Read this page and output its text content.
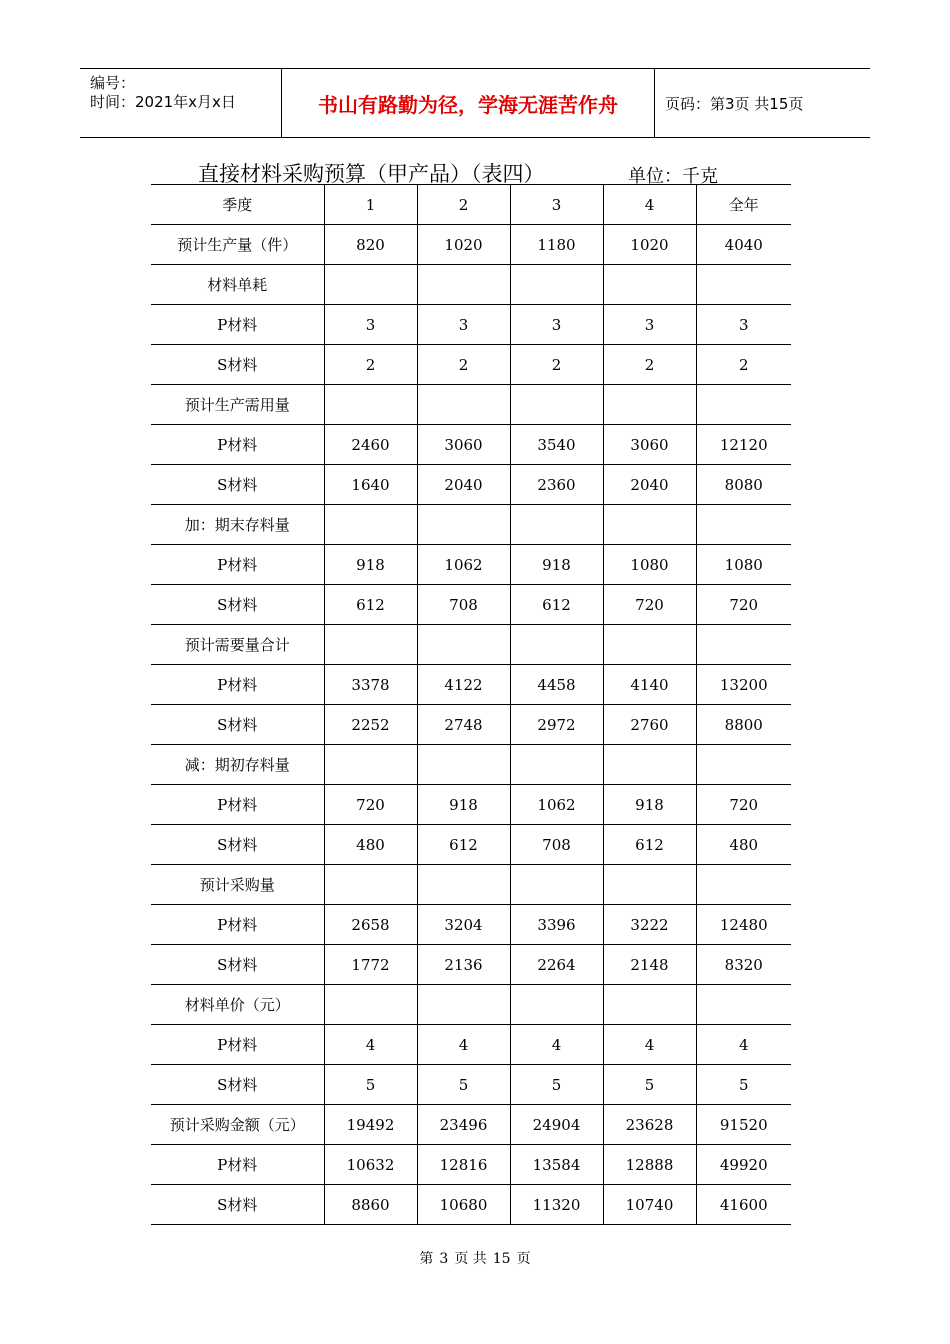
编号：
时间：2021年x月x日	书山有路勤为径，学海无涯苦作舟	页码：第3页 共15页
直接材料采购预算（甲产品）（表四）	单位：千克
季度	1	2	3	4	全年
预计生产量（件）	820	1020	1180	1020	4040
材料单耗					
P材料	3	3	3	3	3
S材料	2	2	2	2	2
预计生产需用量					
P材料	2460	3060	3540	3060	12120
S材料	1640	2040	2360	2040	8080
加：期末存料量					
P材料	918	1062	918	1080	1080
S材料	612	708	612	720	720
预计需要量合计					
P材料	3378	4122	4458	4140	13200
S材料	2252	2748	2972	2760	8800
减：期初存料量					
P材料	720	918	1062	918	720
S材料	480	612	708	612	480
预计采购量					
P材料	2658	3204	3396	3222	12480
S材料	1772	2136	2264	2148	8320
材料单价（元）					
P材料	4	4	4	4	4
S材料	5	5	5	5	5
预计采购金额（元）	19492	23496	24904	23628	91520
P材料	10632	12816	13584	12888	49920
S材料	8860	10680	11320	10740	41600
第 3 页 共 15 页
